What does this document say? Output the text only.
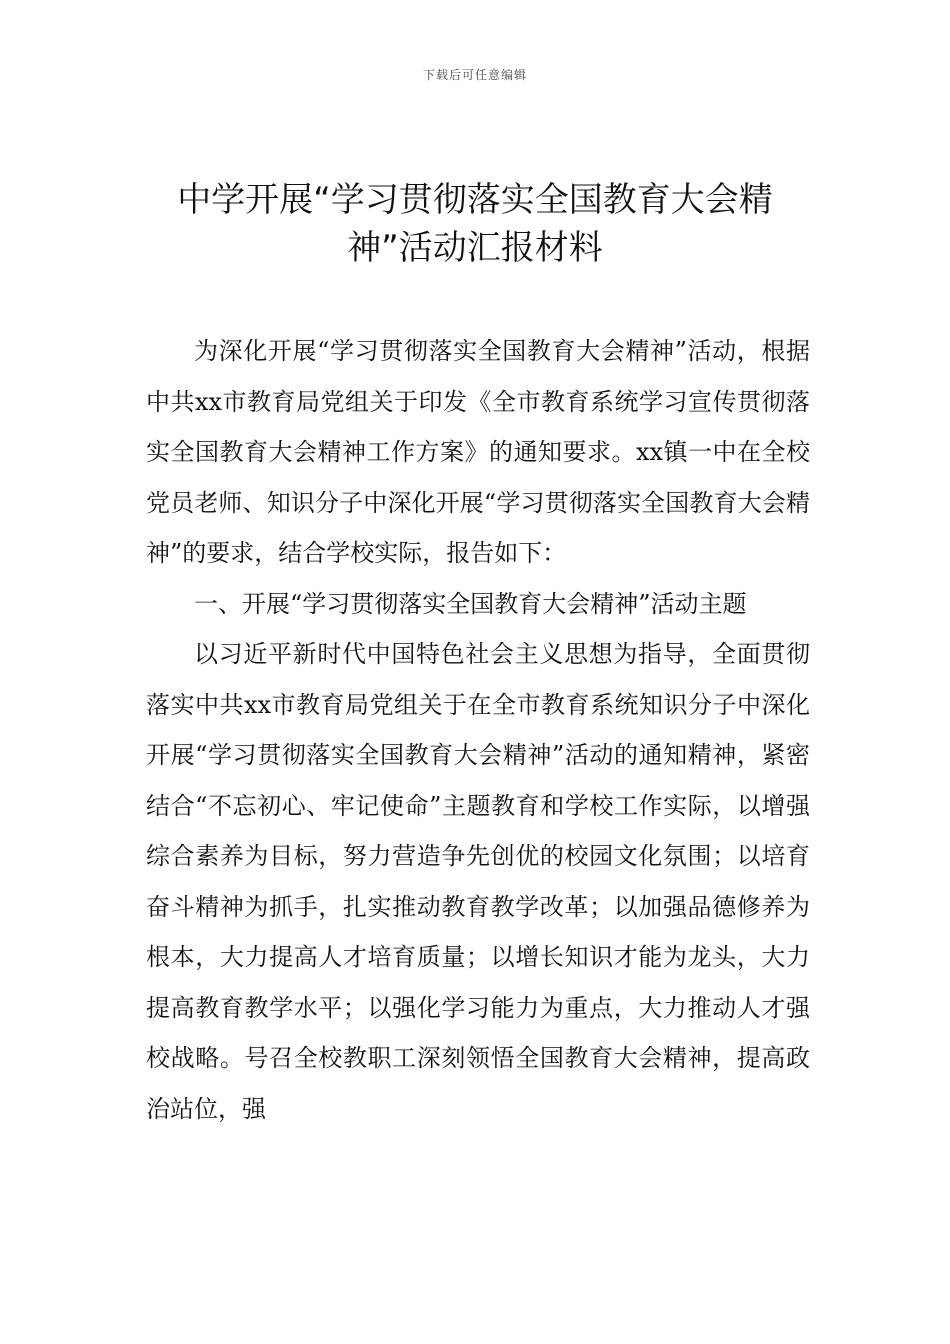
下载后可任意编辑
中学开展“学习贯彻落实全国教育大会精神”活动汇报材料

为深化开展“学习贯彻落实全国教育大会精神”活动，根据中共xx市教育局党组关于印发《全市教育系统学习宣传贯彻落实全国教育大会精神工作方案》的通知要求。xx镇一中在全校党员老师、知识分子中深化开展“学习贯彻落实全国教育大会精神”的要求，结合学校实际，报告如下：

一、开展“学习贯彻落实全国教育大会精神”活动主题

以习近平新时代中国特色社会主义思想为指导，全面贯彻落实中共xx市教育局党组关于在全市教育系统知识分子中深化开展“学习贯彻落实全国教育大会精神”活动的通知精神，紧密结合“不忘初心、牢记使命”主题教育和学校工作实际，以增强综合素养为目标，努力营造争先创优的校园文化氛围；以培育奋斗精神为抓手，扎实推动教育教学改革；以加强品德修养为根本，大力提高人才培育质量；以增长知识才能为龙头，大力提高教育教学水平；以强化学习能力为重点，大力推动人才强校战略。号召全校教职工深刻领悟全国教育大会精神，提高政治站位，强
